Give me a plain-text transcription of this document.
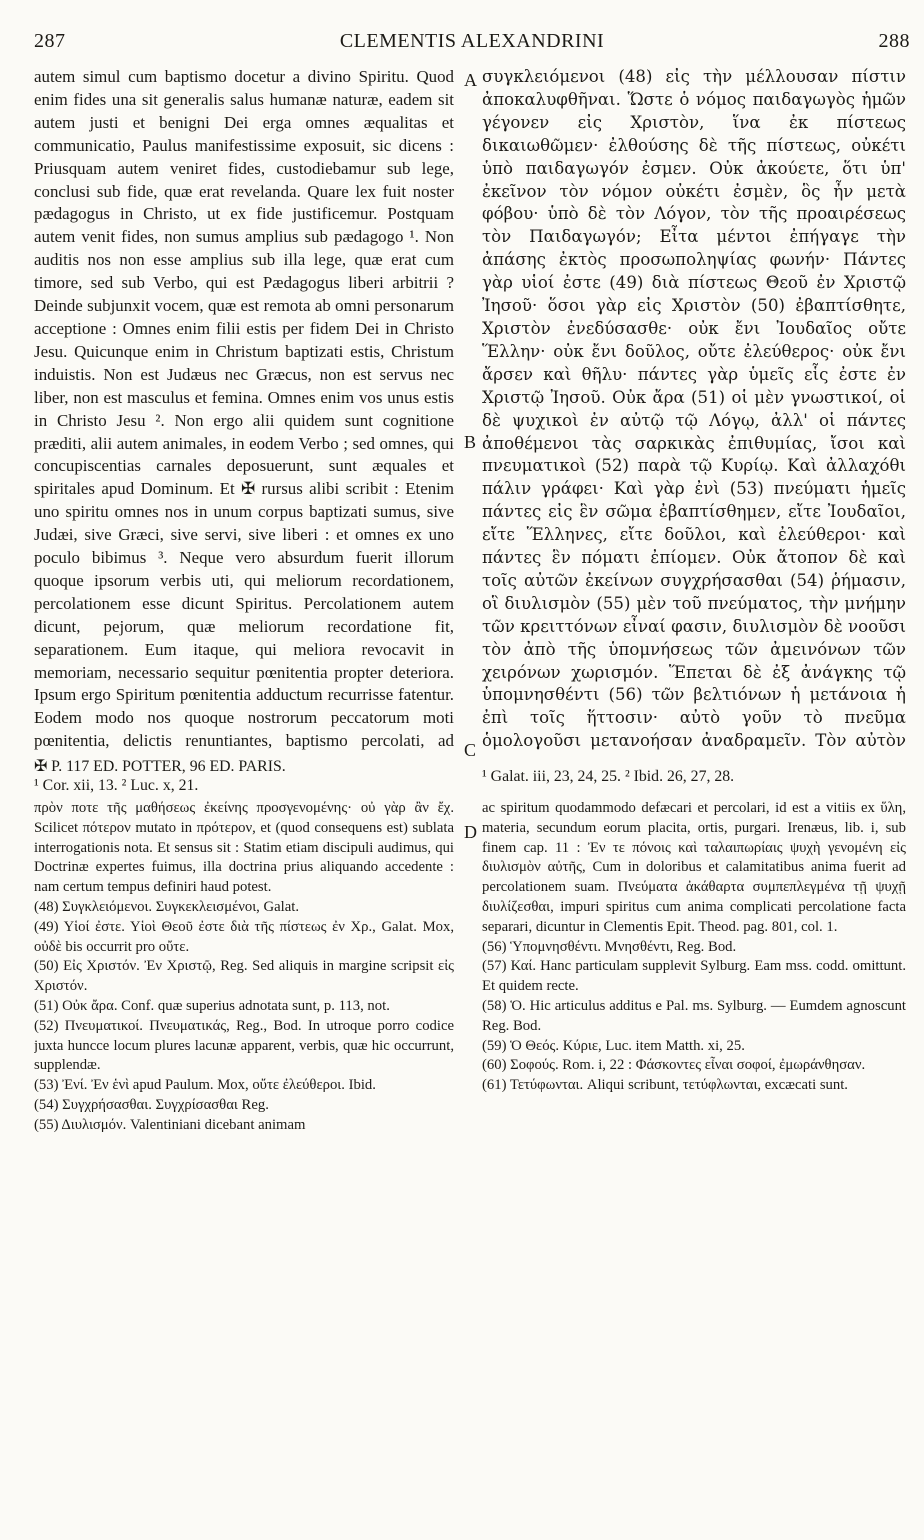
287	CLEMENTIS ALEXANDRINI	288

autem simul cum baptismo docetur a divino Spiritu. Quod enim fides una sit generalis salus humanæ naturæ, eadem sit autem justi et benigni Dei erga omnes æqualitas et communicatio, Paulus manifestissime exposuit, sic dicens : Priusquam autem veniret fides, custodiebamur sub lege, conclusi sub fide, quæ erat revelanda. Quare lex fuit noster pædagogus in Christo, ut ex fide justificemur. Postquam autem venit fides, non sumus amplius sub pædagogo ¹. Non auditis nos non esse amplius sub illa lege, quæ erat cum timore, sed sub Verbo, qui est Pædagogus liberi arbitrii ? Deinde subjunxit vocem, quæ est remota ab omni personarum acceptione : Omnes enim filii estis per fidem Dei in Christo Jesu. Quicunque enim in Christum baptizati estis, Christum induistis. Non est Judæus nec Græcus, non est servus nec liber, non est masculus et femina. Omnes enim vos unus estis in Christo Jesu ². Non ergo alii quidem sunt cognitione præditi, alii autem animales, in eodem Verbo ; sed omnes, qui concupiscentias carnales deposuerunt, sunt æquales et spiritales apud Dominum. Et ✠ rursus alibi scribit : Etenim uno spiritu omnes nos in unum corpus baptizati sumus, sive Judæi, sive Græci, sive servi, sive liberi : et omnes ex uno poculo bibimus ³. Neque vero absurdum fuerit illorum quoque ipsorum verbis uti, qui meliorum recordationem, percolationem esse dicunt Spiritus. Percolationem autem dicunt, pejorum, quæ meliorum recordatione fit, separationem. Eum itaque, qui meliora revocavit in memoriam, necessario sequitur pœnitentia propter deteriora. Ipsum ergo Spiritum pœnitentia adductum recurrisse fatentur. Eodem modo nos quoque nostrorum peccatorum moti pœnitentia, delictis renuntiantes, baptismo percolati, ad

συγκλειόμενοι (48) εἰς τὴν μέλλουσαν πίστιν ἀποκαλυφθῆναι. Ὥστε ὁ νόμος παιδαγωγὸς ἡμῶν γέγονεν εἰς Χριστὸν, ἵνα ἐκ πίστεως δικαιωθῶμεν· ἐλθούσης δὲ τῆς πίστεως, οὐκέτι ὑπὸ παιδαγωγόν ἐσμεν. Οὐκ ἀκούετε, ὅτι ὑπ' ἐκεῖνον τὸν νόμον οὐκέτι ἐσμὲν, ὃς ἦν μετὰ φόβου· ὑπὸ δὲ τὸν Λόγον, τὸν τῆς προαιρέσεως τὸν Παιδαγωγόν; Εἶτα μέντοι ἐπήγαγε τὴν ἀπάσης ἐκτὸς προσωποληψίας φωνήν· Πάντες γὰρ υἱοί ἐστε (49) διὰ πίστεως Θεοῦ ἐν Χριστῷ Ἰησοῦ· ὅσοι γὰρ εἰς Χριστὸν (50) ἐβαπτίσθητε, Χριστὸν ἐνεδύσασθε· οὐκ ἔνι Ἰουδαῖος οὔτε Ἕλλην· οὐκ ἔνι δοῦλος, οὔτε ἐλεύθερος· οὐκ ἔνι ἄρσεν καὶ θῆλυ· πάντες γὰρ ὑμεῖς εἷς ἐστε ἐν Χριστῷ Ἰησοῦ. Οὐκ ἄρα (51) οἱ μὲν γνωστικοί, οἱ δὲ ψυχικοὶ ἐν αὐτῷ τῷ Λόγῳ, ἀλλ' οἱ πάντες ἀποθέμενοι τὰς σαρκικὰς ἐπιθυμίας, ἴσοι καὶ πνευματικοὶ (52) παρὰ τῷ Κυρίῳ. Καὶ ἀλλαχόθι πάλιν γράφει· Καὶ γὰρ ἐνὶ (53) πνεύματι ἡμεῖς πάντες εἰς ἓν σῶμα ἐβαπτίσθημεν, εἴτε Ἰουδαῖοι, εἴτε Ἕλληνες, εἴτε δοῦλοι, καὶ ἐλεύθεροι· καὶ πάντες ἓν πόματι ἐπίομεν. Οὐκ ἄτοπον δὲ καὶ τοῖς αὐτῶν ἐκείνων συγχρήσασθαι (54) ῥήμασιν, οἳ διυλισμὸν (55) μὲν τοῦ πνεύματος, τὴν μνήμην τῶν κρειττόνων εἶναί φασιν, διυλισμὸν δὲ νοοῦσι τὸν ἀπὸ τῆς ὑπομνήσεως τῶν ἀμεινόνων τῶν χειρόνων χωρισμόν. Ἕπεται δὲ ἐξ ἀνάγκης τῷ ὑπομνησθέντι (56) τῶν βελτιόνων ἡ μετάνοια ἡ ἐπὶ τοῖς ἥττοσιν· αὐτὸ γοῦν τὸ πνεῦμα ὁμολογοῦσι μετανοήσαν ἀναδραμεῖν. Τὸν αὐτὸν

A
B
C
D
✠ P. 117 ED. POTTER, 96 ED. PARIS.
¹ Cor. xii, 13. ² Luc. x, 21.
¹ Galat. iii, 23, 24, 25. ² Ibid. 26, 27, 28.

πρὸν ποτε τῆς μαθήσεως ἐκείνης προσγενομένης· οὐ γὰρ ἂν ἔχ. Scilicet πότερον mutato in πρότερον, et (quod consequens est) sublata interrogationis nota. Et sensus sit : Statim etiam discipuli audimus, qui Doctrinæ expertes fuimus, illa doctrina prius aliquando accedente : nam certum tempus definiri haud potest.

(48) Συγκλειόμενοι. Συγκεκλεισμένοι, Galat.

(49) Υἱοί ἐστε. Υἱοὶ Θεοῦ ἐστε διὰ τῆς πίστεως ἐν Χρ., Galat. Mox, οὐδὲ bis occurrit pro οὔτε.

(50) Εἰς Χριστόν. Ἐν Χριστῷ, Reg. Sed aliquis in margine scripsit εἰς Χριστόν.

(51) Οὐκ ἄρα. Conf. quæ superius adnotata sunt, p. 113, not.

(52) Πνευματικοί. Πνευματικάς, Reg., Bod. In utroque porro codice juxta huncce locum plures lacunæ apparent, verbis, quæ hic occurrunt, supplendæ.

(53) Ἐνί. Ἐν ἑνὶ apud Paulum. Mox, οὔτε ἐλεύθεροι. Ibid.

(54) Συγχρήσασθαι. Συγχρίσασθαι Reg.

(55) Διυλισμόν. Valentiniani dicebant animam

ac spiritum quodammodo defæcari et percolari, id est a vitiis ex ὕλη, materia, secundum eorum placita, ortis, purgari. Irenæus, lib. i, sub finem cap. 11 : Ἐν τε πόνοις καὶ ταλαιπωρίαις ψυχὴ γενομένη εἰς διυλισμὸν αὐτῆς, Cum in doloribus et calamitatibus anima fuerit ad percolationem suam. Πνεύματα ἀκάθαρτα συμπεπλεγμένα τῇ ψυχῇ διυλίζεσθαι, impuri spiritus cum anima complicati percolatione facta separari, dicuntur in Clementis Epit. Theod. pag. 801, col. 1.

(56) Ὑπομνησθέντι. Μνησθέντι, Reg. Bod.

(57) Καί. Hanc particulam supplevit Sylburg. Eam mss. codd. omittunt. Et quidem recte.

(58) Ὁ. Hic articulus additus e Pal. ms. Sylburg. — Eumdem agnoscunt Reg. Bod.

(59) Ὁ Θεός. Κύριε, Luc. item Matth. xi, 25.

(60) Σοφούς. Rom. i, 22 : Φάσκοντες εἶναι σοφοί, ἐμωράνθησαν.

(61) Τετύφωνται. Aliqui scribunt, τετύφλωνται, excæcati sunt.
